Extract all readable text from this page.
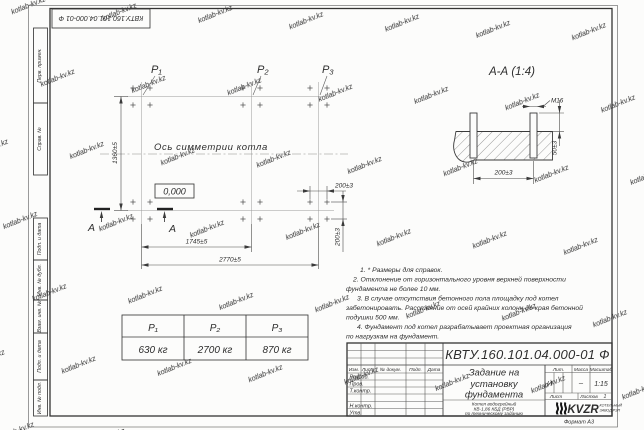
КВТУ.160.101.04.000-01 Ф
Перв. примен.
Справ. №
Подп. и дата
Инв. № дубл.
Взам. инв. №
Подп. и дата
Инв. № подл.
P₁	P₂	P₃
Ось симметрии котла
0,000
1360±5
1745±5
2770±5
200±3
200±3
А	А
А-А (1:4)
М16
50±3
200±3
1. * Размеры для справок.
2. Отклонение от горизонтального уровня верхней поверхности
фундамента не более 10 мм.
3. В случае отсутствия бетонного пола площадку под котел
забетонировать. Расстояние от осей крайних колонн до края бетонной
подушки 500 мм.
4. Фундамент под котел разрабатывает проектная организация
по нагрузкам на фундамент.
P₁	P₂	P₃
630 кг	2700 кг	870 кг
Изм. Лист № докум. Подп. Дата
Разраб.
Пров.
Т.контр.
Н.контр.
Утв.
КВТУ.160.101.04.000-01 Ф
Задание на
установку
фундамента
Котел водогрейный
КВ-1,86 КБД (РВР)
по техническому заданию
Лит. Масса Масштаб
И	– 1:15
Лист	Листов 1
KVZR КОТЕЛЬНЫЙ
ЗАВОД РЭП
Формат А3
